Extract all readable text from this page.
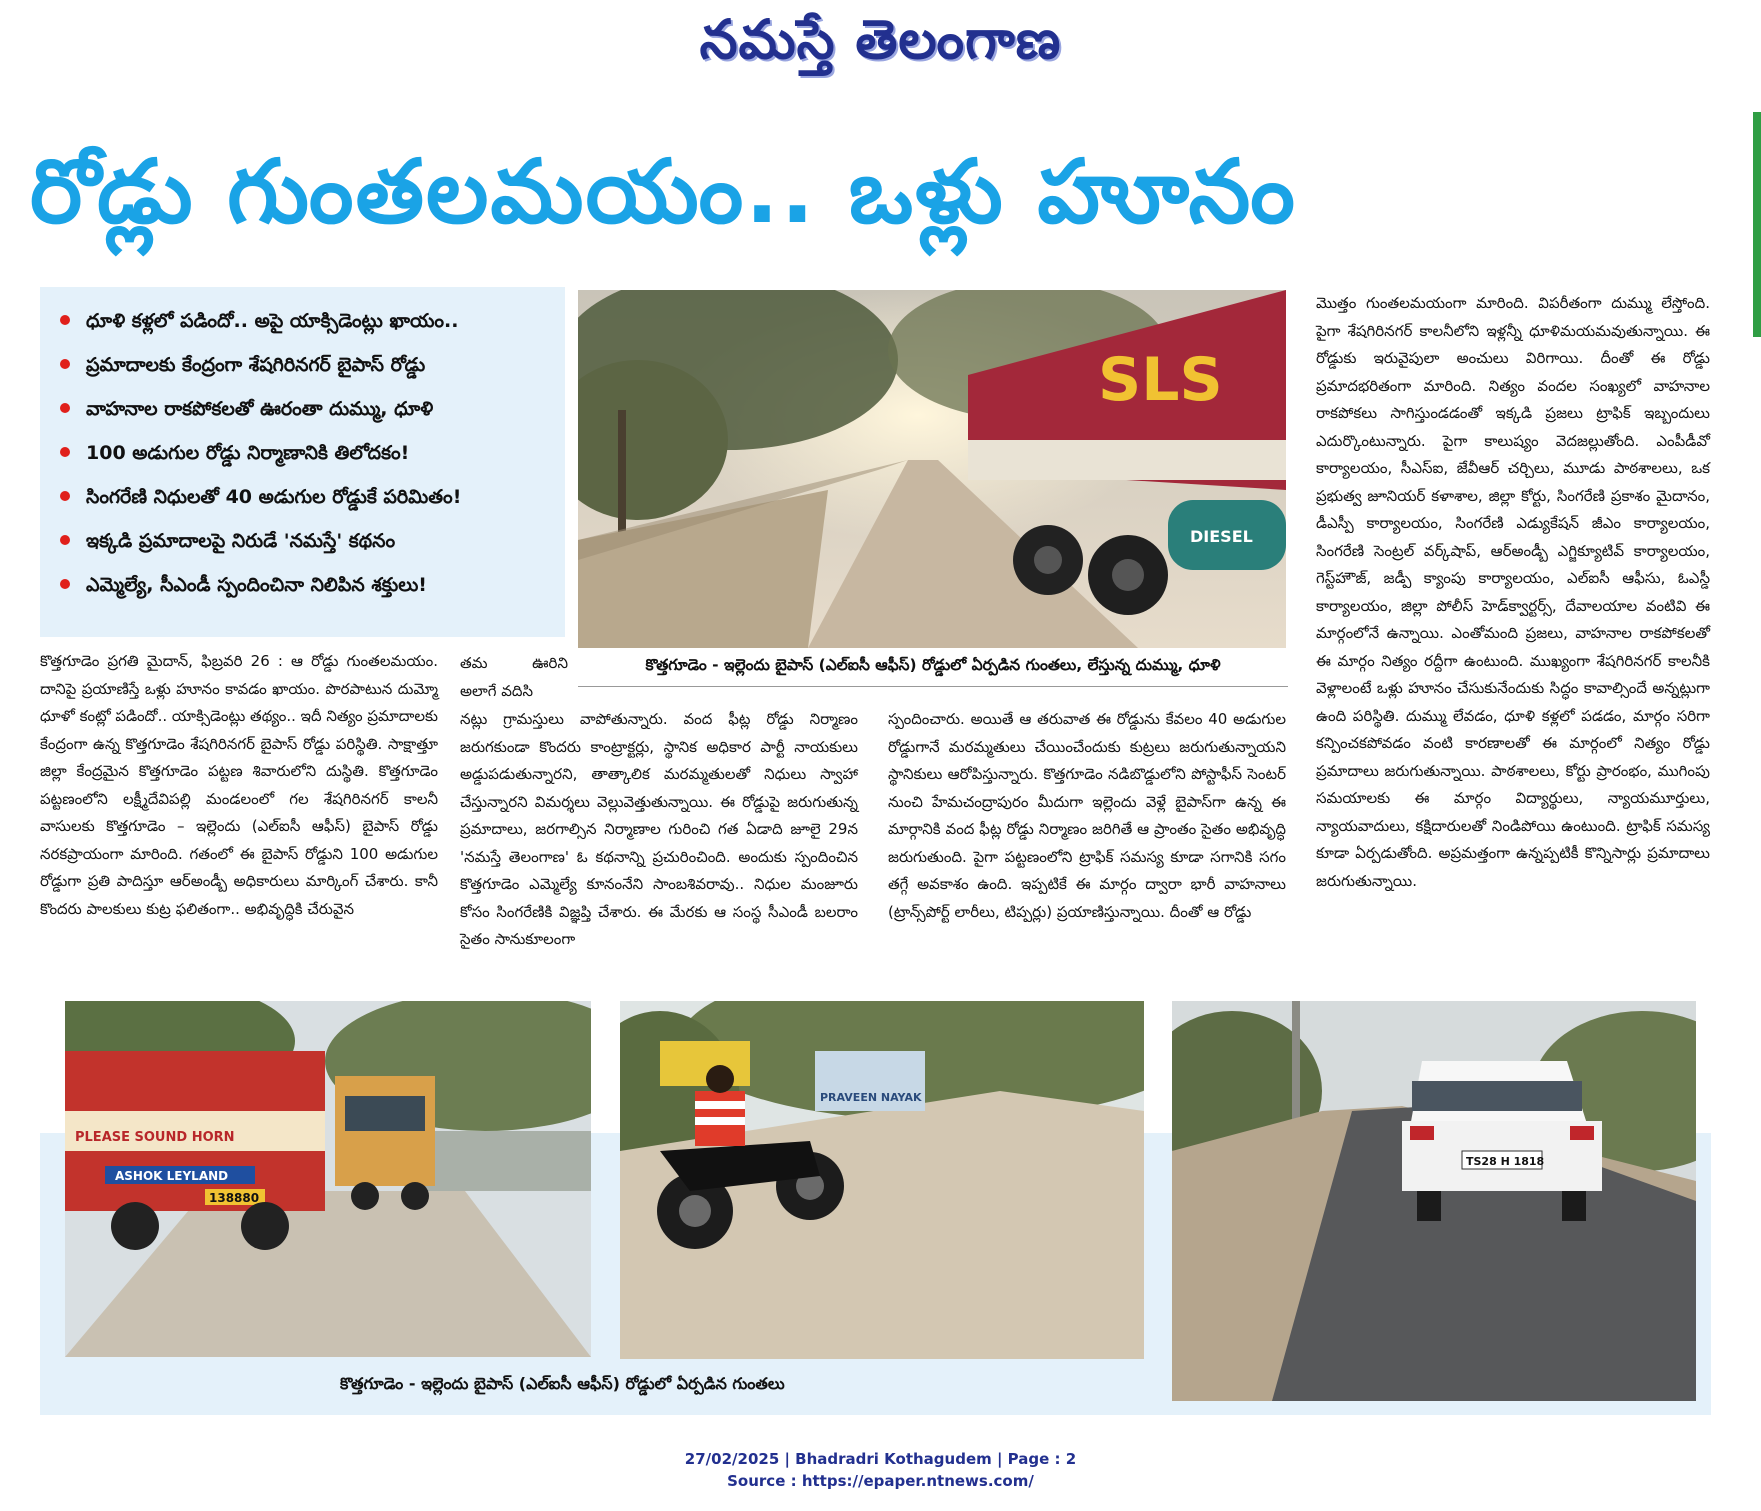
నమస్తే తెలంగాణ
రోడ్లు గుంతలమయం.. ఒళ్లు హూనం
ధూళి కళ్లలో పడిందో.. అపై యాక్సిడెంట్లు ఖాయం..
ప్రమాదాలకు కేంద్రంగా శేషగిరినగర్ బైపాస్ రోడ్డు
వాహనాల రాకపోకలతో ఊరంతా దుమ్ము, ధూళి
100 అడుగుల రోడ్డు నిర్మాణానికి తిలోదకం!
సింగరేణి నిధులతో 40 అడుగుల రోడ్డుకే పరిమితం!
ఇక్కడి ప్రమాదాలపై నిరుడే 'నమస్తే' కథనం
ఎమ్మెల్యే, సీఎండీ స్పందించినా నిలిపిన శక్తులు!
SLS
DIESEL
కొత్తగూడెం - ఇల్లెందు బైపాస్ (ఎల్ఐసీ ఆఫీస్) రోడ్డులో ఏర్పడిన గుంతలు, లేస్తున్న దుమ్ము, ధూళి
కొత్తగూడెం ప్రగతి మైదాన్, ఫిబ్రవరి 26 : ఆ రోడ్డు గుంతలమయం. దానిపై ప్రయాణిస్తే ఒళ్లు హూనం కావడం ఖాయం. పొరపాటున దుమ్మో ధూళో కంట్లో పడిందో.. యాక్సిడెంట్లు తథ్యం.. ఇదీ నిత్యం ప్రమాదాలకు కేంద్రంగా ఉన్న కొత్తగూడెం శేషగిరినగర్ బైపాస్ రోడ్డు పరిస్థితి. సాక్షాత్తూ జిల్లా కేంద్రమైన కొత్తగూడెం పట్టణ శివారులోని దుస్థితి. కొత్తగూడెం పట్టణంలోని లక్ష్మీదేవిపల్లి మండలంలో గల శేషగిరినగర్ కాలనీ వాసులకు కొత్తగూడెం – ఇల్లెందు (ఎల్ఐసీ ఆఫీస్) బైపాస్ రోడ్డు నరకప్రాయంగా మారింది. గతంలో ఈ బైపాస్ రోడ్డుని 100 అడుగుల రోడ్డుగా ప్రతి పాదిస్తూ ఆర్అండ్బీ అధికారులు మార్కింగ్ చేశారు. కానీ కొందరు పాలకులు కుట్ర ఫలితంగా.. అభివృద్ధికి చేరువైన
తమ ఊరిని అలాగే వదిసి
నట్లు గ్రామస్తులు వాపోతున్నారు. వంద ఫీట్ల రోడ్డు నిర్మాణం జరుగకుండా కొందరు కాంట్రాక్టర్లు, స్థానిక అధికార పార్టీ నాయకులు అడ్డుపడుతున్నారని, తాత్కాలిక మరమ్మతులతో నిధులు స్వాహా చేస్తున్నారని విమర్శలు వెల్లువెత్తుతున్నాయి. ఈ రోడ్డుపై జరుగుతున్న ప్రమాదాలు, జరగాల్సిన నిర్మాణాల గురించి గత ఏడాది జూలై 29న 'నమస్తే తెలంగాణ' ఓ కథనాన్ని ప్రచురించింది. అందుకు స్పందించిన కొత్తగూడెం ఎమ్మెల్యే కూనంనేని సాంబశివరావు.. నిధుల మంజూరు కోసం సింగరేణికి విజ్ఞప్తి చేశారు. ఈ మేరకు ఆ సంస్థ సీఎండీ బలరాం సైతం సానుకూలంగా
స్పందించారు. అయితే ఆ తరువాత ఈ రోడ్డును కేవలం 40 అడుగుల రోడ్డుగానే మరమ్మతులు చేయించేందుకు కుట్రలు జరుగుతున్నాయని స్థానికులు ఆరోపిస్తున్నారు. కొత్తగూడెం నడిబొడ్డులోని పోస్టాఫీస్ సెంటర్ నుంచి హేమచంద్రాపురం మీదుగా ఇల్లెందు వెళ్లే బైపాస్‌గా ఉన్న ఈ మార్గానికి వంద ఫీట్ల రోడ్డు నిర్మాణం జరిగితే ఆ ప్రాంతం సైతం అభివృద్ధి జరుగుతుంది. పైగా పట్టణంలోని ట్రాఫిక్ సమస్య కూడా సగానికి సగం తగ్గే అవకాశం ఉంది. ఇప్పటికే ఈ మార్గం ద్వారా భారీ వాహనాలు (ట్రాన్స్‌పోర్ట్ లారీలు, టిప్పర్లు) ప్రయాణిస్తున్నాయి. దీంతో ఆ రోడ్డు
మొత్తం గుంతలమయంగా మారింది. విపరీతంగా దుమ్ము లేస్తోంది. పైగా శేషగిరినగర్ కాలనీలోని ఇళ్లన్నీ ధూళిమయమవుతున్నాయి. ఈ రోడ్డుకు ఇరువైపులా అంచులు విరిగాయి. దీంతో ఈ రోడ్డు ప్రమాదభరితంగా మారింది. నిత్యం వందల సంఖ్యలో వాహనాల రాకపోకలు సాగిస్తుండడంతో ఇక్కడి ప్రజలు ట్రాఫిక్ ఇబ్బందులు ఎదుర్కొంటున్నారు. పైగా కాలుష్యం వెదజల్లుతోంది. ఎంపీడీవో కార్యాలయం, సీఎస్ఐ, జేవీఆర్ చర్చిలు, మూడు పాఠశాలలు, ఒక ప్రభుత్వ జూనియర్ కళాశాల, జిల్లా కోర్టు, సింగరేణి ప్రకాశం మైదానం, డీఎస్పీ కార్యాలయం, సింగరేణి ఎడ్యుకేషన్ జీఎం కార్యాలయం, సింగరేణి సెంట్రల్ వర్క్‌షాప్, ఆర్అండ్బీ ఎగ్జిక్యూటివ్ కార్యాలయం, గెస్ట్‌హౌజ్, జడ్పీ క్యాంపు కార్యాలయం, ఎల్ఐసీ ఆఫీసు, ఓఎస్డీ కార్యాలయం, జిల్లా పోలీస్ హెడ్‌క్వార్టర్స్, దేవాలయాల వంటివి ఈ మార్గంలోనే ఉన్నాయి. ఎంతోమంది ప్రజలు, వాహనాల రాకపోకలతో ఈ మార్గం నిత్యం రద్దీగా ఉంటుంది. ముఖ్యంగా శేషగిరినగర్ కాలనీకి వెళ్లాలంటే ఒళ్లు హూనం చేసుకునేందుకు సిద్ధం కావాల్సిందే అన్నట్లుగా ఉంది పరిస్థితి. దుమ్ము లేవడం, ధూళి కళ్లలో పడడం, మార్గం సరిగా కన్పించకపోవడం వంటి కారణాలతో ఈ మార్గంలో నిత్యం రోడ్డు ప్రమాదాలు జరుగుతున్నాయి. పాఠశాలలు, కోర్టు ప్రారంభం, ముగింపు సమయాలకు ఈ మార్గం విద్యార్థులు, న్యాయమూర్తులు, న్యాయవాదులు, కక్షిదారులతో నిండిపోయి ఉంటుంది. ట్రాఫిక్ సమస్య కూడా ఏర్పడుతోంది. అప్రమత్తంగా ఉన్నప్పటికీ కొన్నిసార్లు ప్రమాదాలు జరుగుతున్నాయి.
PLEASE SOUND HORN
ASHOK LEYLAND
138880
PRAVEEN NAYAK
TS28 H 1818
కొత్తగూడెం - ఇల్లెందు బైపాస్ (ఎల్ఐసీ ఆఫీస్) రోడ్డులో ఏర్పడిన గుంతలు
27/02/2025 | Bhadradri Kothagudem | Page : 2
Source : https://epaper.ntnews.com/
